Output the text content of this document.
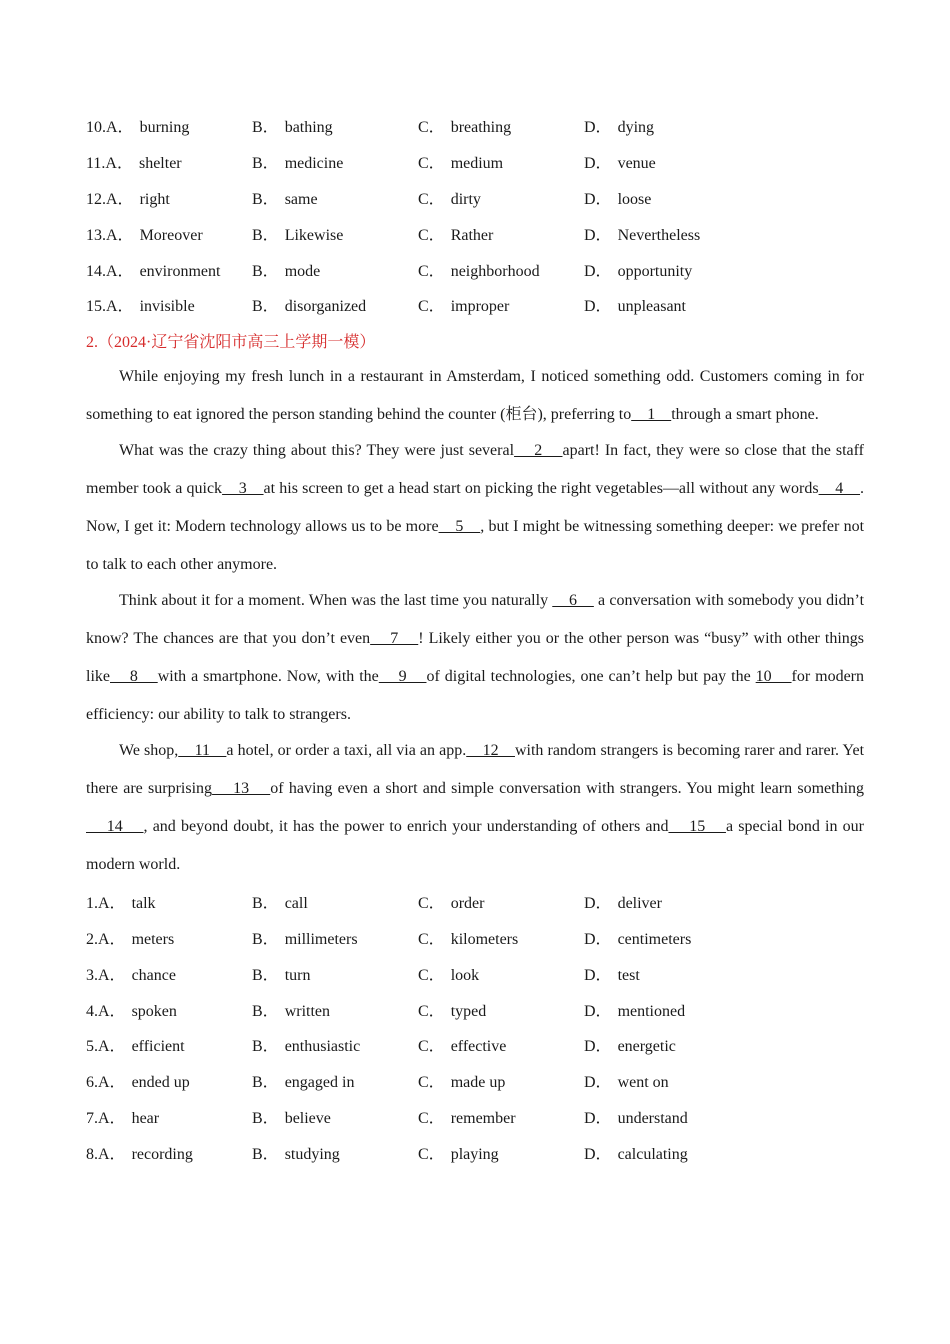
10.A． burning	B． bathing	C． breathing	D． dying
11.A． shelter	B． medicine	C． medium	D． venue
12.A． right	B． same	C． dirty	D． loose
13.A． Moreover	B． Likewise	C． Rather	D． Nevertheless
14.A． environment	B． mode	C． neighborhood	D． opportunity
15.A． invisible	B． disorganized	C． improper	D． unpleasant
2.（2024·辽宁省沈阳市高三上学期一模）

While enjoying my fresh lunch in a restaurant in Amsterdam, I noticed something odd. Customers coming in for something to eat ignored the person standing behind the counter (柜台), preferring to    1    through a smart phone.

What was the crazy thing about this? They were just several    2    apart! In fact, they were so close that the staff member took a quick    3    at his screen to get a head start on picking the right vegetables—all without any words    4    . Now, I get it: Modern technology allows us to be more    5    , but I might be witnessing something deeper: we prefer not to talk to each other anymore.

Think about it for a moment. When was the last time you naturally     6     a conversation with somebody you didn’t know? The chances are that you don’t even    7    ! Likely either you or the other person was “busy” with other things like    8    with a smartphone. Now, with the    9    of digital technologies, one can’t help but pay the 10    for modern efficiency: our ability to talk to strangers.

We shop,    11    a hotel, or order a taxi, all via an app.    12    with random strangers is becoming rarer and rarer. Yet there are surprising    13    of having even a short and simple conversation with strangers. You might learn something    14    , and beyond doubt, it has the power to enrich your understanding of others and    15    a special bond in our modern world.

1.A． talk	B． call	C． order	D． deliver
2.A． meters	B． millimeters	C． kilometers	D． centimeters
3.A． chance	B． turn	C． look	D． test
4.A． spoken	B． written	C． typed	D． mentioned
5.A． efficient	B． enthusiastic	C． effective	D． energetic
6.A． ended up	B． engaged in	C． made up	D． went on
7.A． hear	B． believe	C． remember	D． understand
8.A． recording	B． studying	C． playing	D． calculating
